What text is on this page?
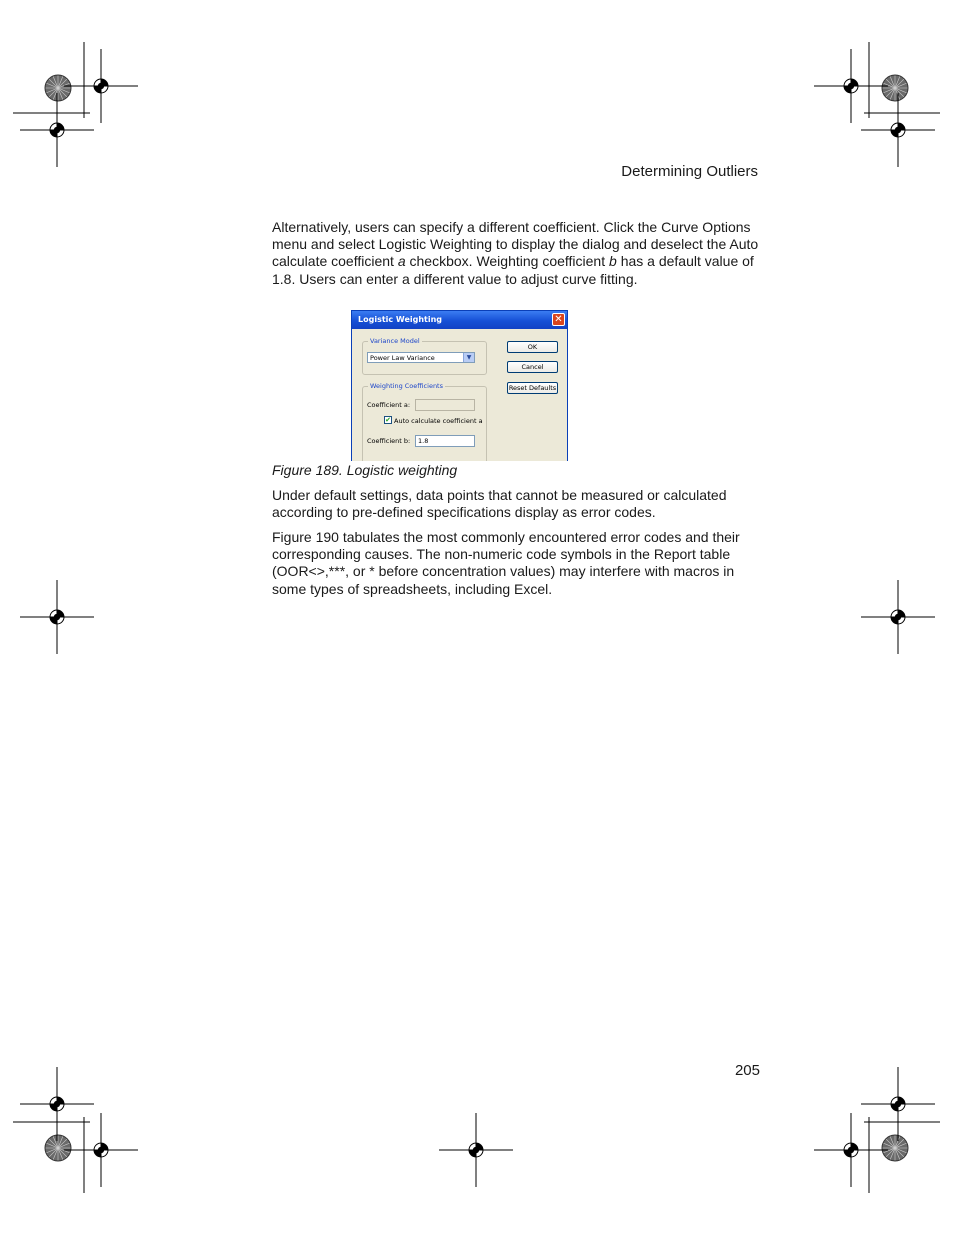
Determining Outliers

Alternatively, users can specify a different coefficient. Click the Curve Options menu and select Logistic Weighting to display the dialog and deselect the Auto calculate coefficient a checkbox. Weighting coefficient b has a default value of 1.8. Users can enter a different value to adjust curve fitting.

Logistic Weighting	✕
Variance Model
Power Law Variance	▼
Weighting Coefficients
Coefficient a:
✔ Auto calculate coefficient a
Coefficient b: 1.8
OK
Cancel
Reset Defaults
Figure 189. Logistic weighting

Under default settings, data points that cannot be measured or calculated according to pre-defined specifications display as error codes.

Figure 190 tabulates the most commonly encountered error codes and their corresponding causes. The non-numeric code symbols in the Report table (OOR<>,***, or * before concentration values) may interfere with macros in some types of spreadsheets, including Excel.

205
